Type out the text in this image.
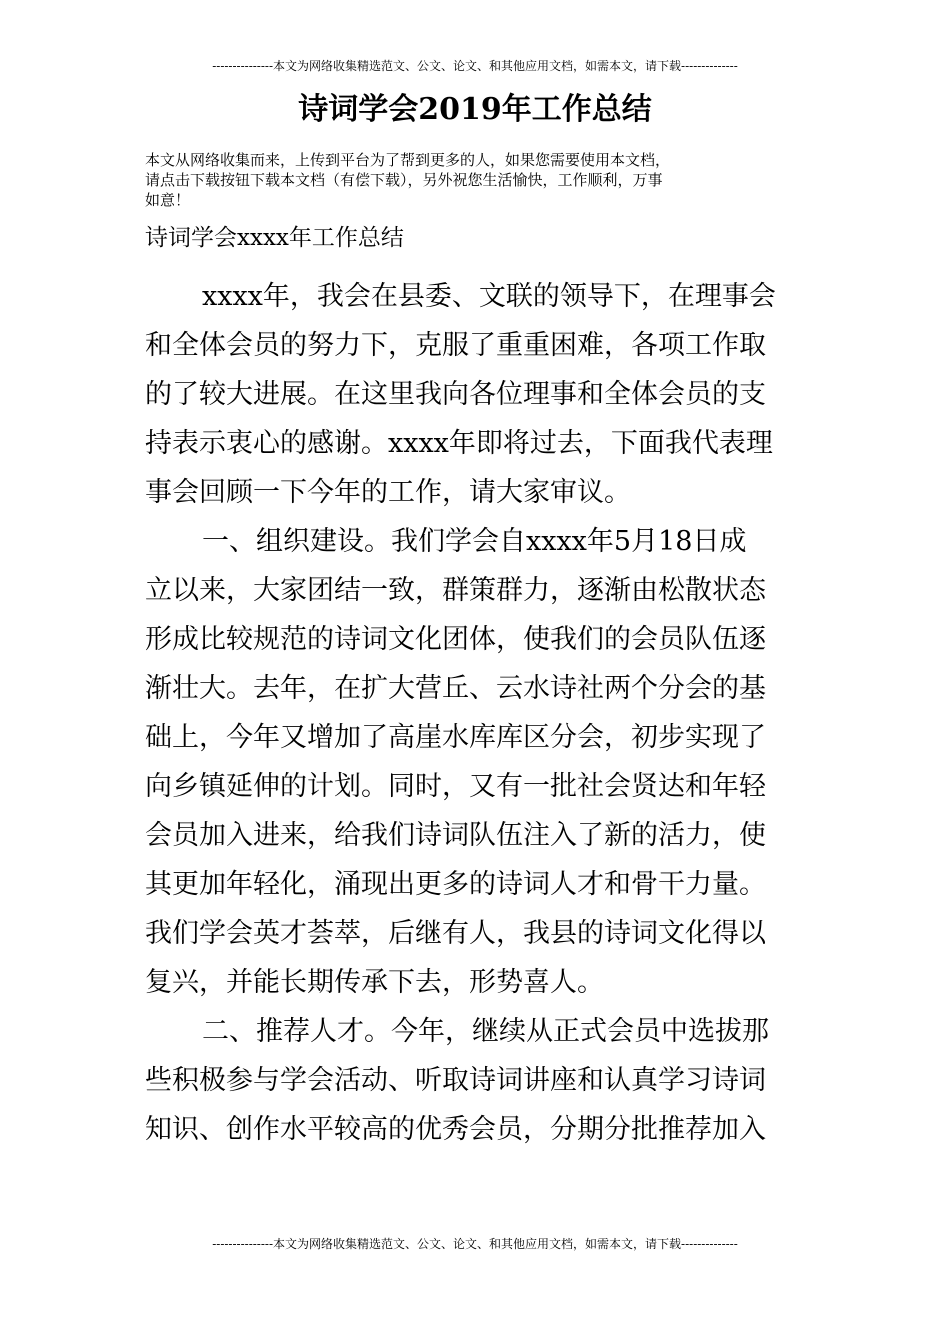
---------------本文为网络收集精选范文、公文、论文、和其他应用文档，如需本文，请下载--------------
诗词学会2019年工作总结
本文从网络收集而来，上传到平台为了帮到更多的人，如果您需要使用本文档，
请点击下载按钮下载本文档（有偿下载），另外祝您生活愉快，工作顺利，万事
如意！
诗词学会xxxx年工作总结
xxxx年，我会在县委、文联的领导下，在理事会
和全体会员的努力下，克服了重重困难，各项工作取
的了较大进展。在这里我向各位理事和全体会员的支
持表示衷心的感谢。xxxx年即将过去，下面我代表理
事会回顾一下今年的工作，请大家审议。
一、组织建设。我们学会自xxxx年5月18日成
立以来，大家团结一致，群策群力，逐渐由松散状态
形成比较规范的诗词文化团体，使我们的会员队伍逐
渐壮大。去年，在扩大营丘、云水诗社两个分会的基
础上，今年又增加了高崖水库库区分会，初步实现了
向乡镇延伸的计划。同时，又有一批社会贤达和年轻
会员加入进来，给我们诗词队伍注入了新的活力，使
其更加年轻化，涌现出更多的诗词人才和骨干力量。
我们学会英才荟萃，后继有人，我县的诗词文化得以
复兴，并能长期传承下去，形势喜人。
二、推荐人才。今年，继续从正式会员中选拔那
些积极参与学会活动、听取诗词讲座和认真学习诗词
知识、创作水平较高的优秀会员，分期分批推荐加入
---------------本文为网络收集精选范文、公文、论文、和其他应用文档，如需本文，请下载--------------
